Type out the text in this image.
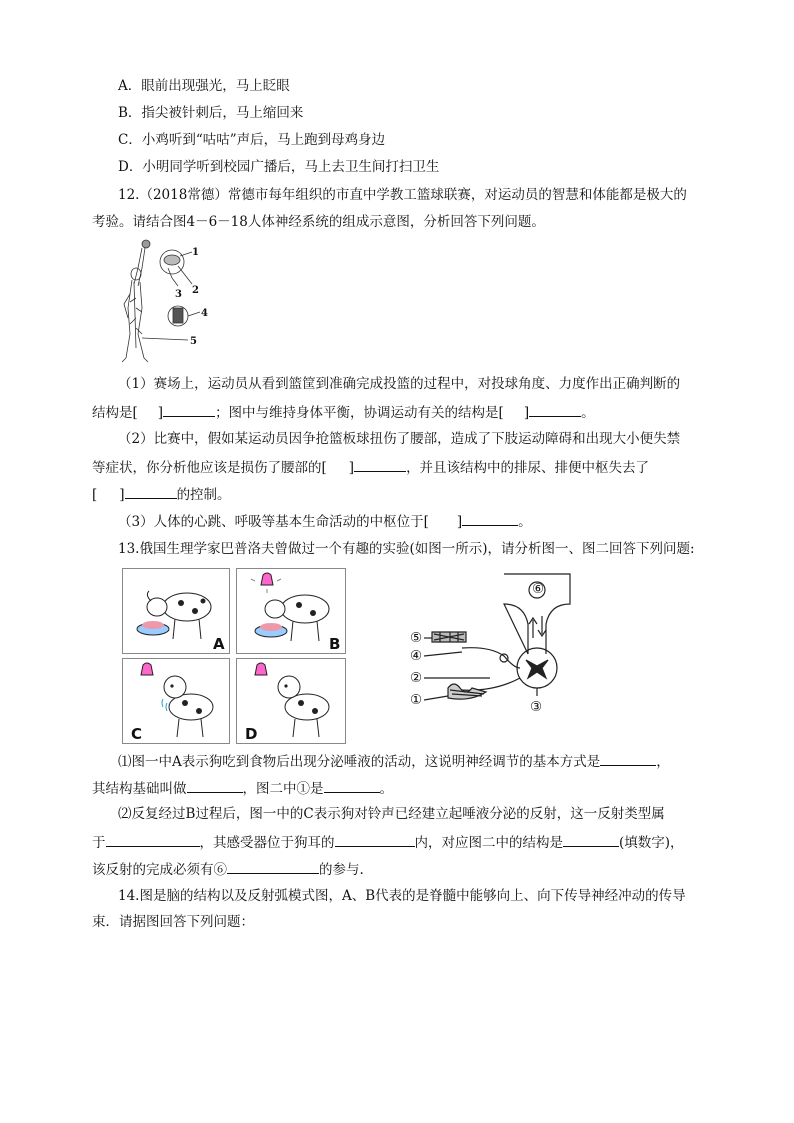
A．眼前出现强光，马上眨眼
B．指尖被针刺后，马上缩回来
C．小鸡听到“咕咕”声后，马上跑到母鸡身边
D．小明同学听到校园广播后，马上去卫生间打扫卫生
12.（2018常德）常德市每年组织的市直中学教工篮球联赛，对运动员的智慧和体能都是极大的
考验。请结合图4－6－18人体神经系统的组成示意图，分析回答下列问题。
1
2
3
4
5
（1）赛场上，运动员从看到篮筐到准确完成投篮的过程中，对投球角度、力度作出正确判断的
结构是[ ]	；图中与维持身体平衡，协调运动有关的结构是[ ]	。
（2）比赛中，假如某运动员因争抢篮板球扭伤了腰部，造成了下肢运动障碍和出现大小便失禁
等症状，你分析他应该是损伤了腰部的[ ]	，并且该结构中的排尿、排便中枢失去了
[ ]	的控制。
（3）人体的心跳、呼吸等基本生命活动的中枢位于[ ]	。
13.俄国生理学家巴普洛夫曾做过一个有趣的实验(如图一所示)，请分析图一、图二回答下列问题:
A	B
C	D
⑥
⑤
④
②
①	③
⑴图一中A表示狗吃到食物后出现分泌唾液的活动，这说明神经调节的基本方式是	，
其结构基础叫做	，图二中①是	。
⑵反复经过B过程后，图一中的C表示狗对铃声已经建立起唾液分泌的反射，这一反射类型属
于	，其感受器位于狗耳的	内，对应图二中的结构是	(填数字)，
该反射的完成必须有⑥	的参与.
14.图是脑的结构以及反射弧模式图，A、B代表的是脊髓中能够向上、向下传导神经冲动的传导
束．请据图回答下列问题：
